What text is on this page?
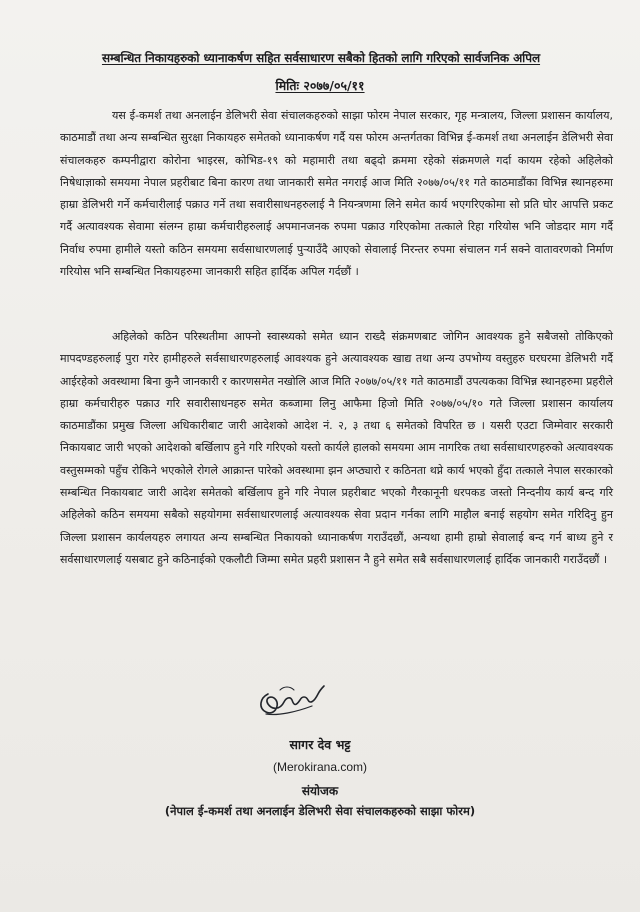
सम्बन्धित निकायहरुको ध्यानाकर्षण सहित सर्वसाधारण सबैको हितको लागि गरिएको सार्वजनिक अपिल
मितिः २०७७/०५/११

यस ई-कमर्श तथा अनलाईन डेलिभरी सेवा संचालकहरुको साझा फोरम नेपाल सरकार, गृह मन्त्रालय, जिल्ला प्रशासन कार्यालय, काठमाडौं तथा अन्य सम्बन्धित सुरक्षा निकायहरु समेतको ध्यानाकर्षण गर्दै यस फोरम अन्तर्गतका विभिन्न ई-कमर्श तथा अनलाईन डेलिभरी सेवा संचालकहरु कम्पनीद्वारा कोरोना भाइरस, कोभिड-१९ को महामारी तथा बढ्दो क्रममा रहेको संक्रमणले गर्दा कायम रहेको अहिलेको निषेधाज्ञाको समयमा नेपाल प्रहरीबाट बिना कारण तथा जानकारी समेत नगराई आज मिति २०७७/०५/११ गते काठमाडौंका विभिन्न स्थानहरुमा हाम्रा डेलिभरी गर्ने कर्मचारीलाई पक्राउ गर्ने तथा सवारीसाधनहरुलाई नै नियन्त्रणमा लिने समेत कार्य भएगरिएकोमा सो प्रति घोर आपत्ति प्रकट गर्दै अत्यावश्यक सेवामा संलग्न हाम्रा कर्मचारीहरुलाई अपमानजनक रुपमा पक्राउ गरिएकोमा तत्काले रिहा गरियोस भनि जोडदार माग गर्दै निर्वाध रुपमा हामीले यस्तो कठिन समयमा सर्वसाधारणलाई पुऱ्याउँदै आएको सेवालाई निरन्तर रुपमा संचालन गर्न सक्ने वातावरणको निर्माण गरियोस भनि सम्बन्धित निकायहरुमा जानकारी सहित हार्दिक अपिल गर्दछौं ।

अहिलेको कठिन परिस्थतीमा आफ्नो स्वास्थ्यको समेत ध्यान राख्दै संक्रमणबाट जोगिन आवश्यक हुने सबैजसो तोकिएको मापदण्डहरुलाई पुरा गरेर हामीहरुले सर्वसाधारणहरुलाई आवश्यक हुने अत्यावश्यक खाद्य तथा अन्य उपभोग्य वस्तुहरु घरघरमा डेलिभरी गर्दै आईरहेको अवस्थामा बिना कुनै जानकारी र कारणसमेत नखोलि आज मिति २०७७/०५/११ गते काठमाडौं उपत्यकका विभिन्न स्थानहरुमा प्रहरीले हाम्रा कर्मचारीहरु पक्राउ गरि सवारीसाधनहरु समेत कब्जामा लिनु आफैमा हिजो मिति २०७७/०५/१० गते जिल्ला प्रशासन कार्यालय काठमाडौंका प्रमुख जिल्ला अधिकारीबाट जारी आदेशको आदेश नं. २, ३ तथा ६ समेतको विपरित छ । यसरी एउटा जिम्मेवार सरकारी निकायबाट जारी भएको आदेशको बर्खिलाप हुने गरि गरिएको यस्तो कार्यले हालको समयमा आम नागरिक तथा सर्वसाधारणहरुको अत्यावश्यक वस्तुसम्मको पहुँच रोकिने भएकोले रोगले आक्रान्त पारेको अवस्थामा झन अप्ठ्यारो र कठिनता थप्ने कार्य भएको हुँदा तत्काले नेपाल सरकारको सम्बन्धित निकायबाट जारी आदेश समेतको बर्खिलाप हुने गरि नेपाल प्रहरीबाट भएको गैरकानूनी धरपकड जस्तो निन्दनीय कार्य बन्द गरि अहिलेको कठिन समयमा सबैको सहयोगमा सर्वसाधारणलाई अत्यावश्यक सेवा प्रदान गर्नका लागि माहौल बनाई सहयोग समेत गरिदिनु हुन जिल्ला प्रशासन कार्यलयहरु लगायत अन्य सम्बन्धित निकायको ध्यानाकर्षण गराउँदछौं, अन्यथा हामी हाम्रो सेवालाई बन्द गर्न बाध्य हुने र सर्वसाधारणलाई यसबाट हुने कठिनाईको एकलौटी जिम्मा समेत प्रहरी प्रशासन नै हुने समेत सबै सर्वसाधारणलाई हार्दिक जानकारी गराउँदछौं ।

सागर देव भट्ट
(Merokirana.com)
संयोजक
(नेपाल ई-कमर्श तथा अनलाईन डेलिभरी सेवा संचालकहरुको साझा फोरम)
